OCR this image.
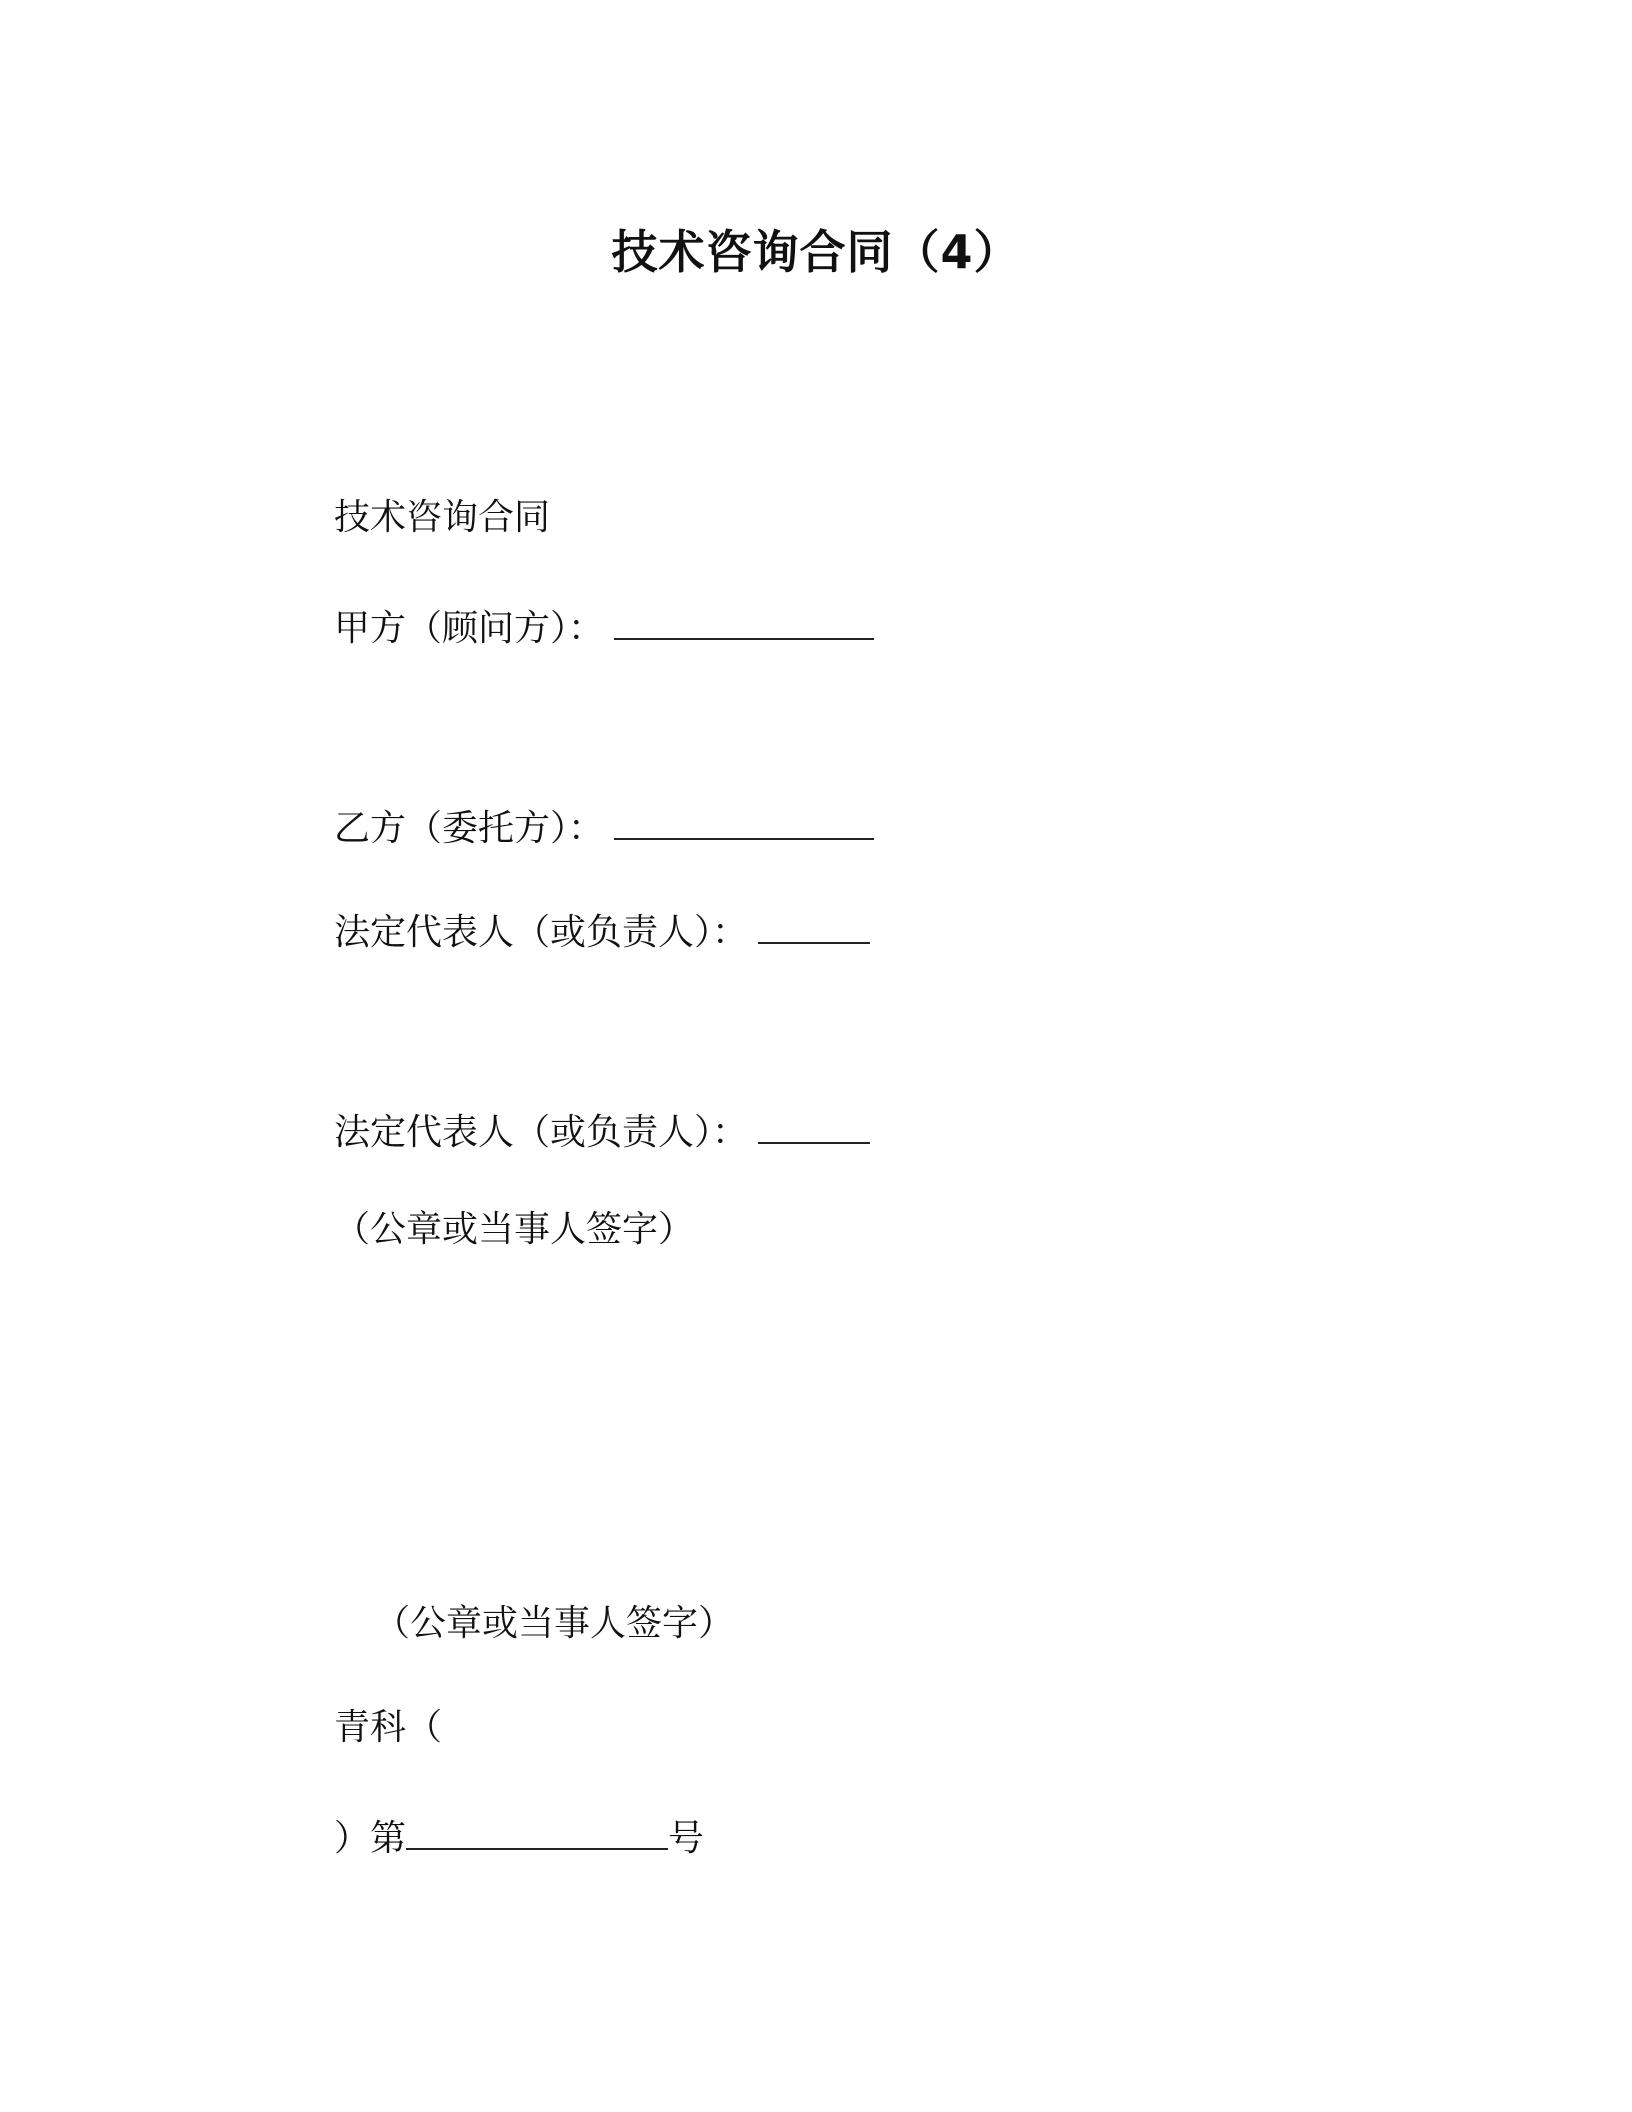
技术咨询合同（4）
技术咨询合同
甲方（顾问方）：
乙方（委托方）：
法定代表人（或负责人）：
法定代表人（或负责人）：
（公章或当事人签字）
（公章或当事人签字）
青科（
）第	号
